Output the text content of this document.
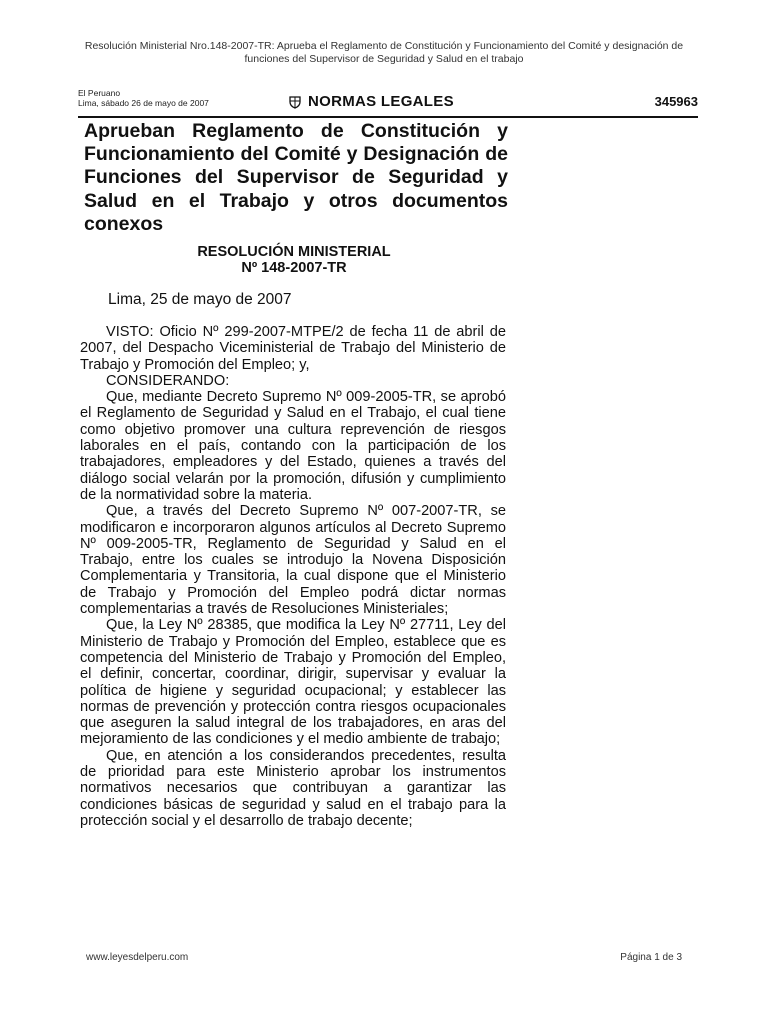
Resolución Ministerial Nro.148-2007-TR: Aprueba el Reglamento de Constitución y Funcionamiento del Comité y designación de
funciones del Supervisor de Seguridad y Salud en el trabajo
El Peruano
Lima, sábado 26 de mayo de 2007	NORMAS LEGALES	345963
Aprueban Reglamento de Constitución y Funcionamiento del Comité y Designación de Funciones del Supervisor de Seguridad y Salud en el Trabajo y otros documentos conexos
RESOLUCIÓN MINISTERIAL
Nº 148-2007-TR
Lima, 25 de mayo de 2007

VISTO: Oficio Nº 299-2007-MTPE/2 de fecha 11 de abril de 2007, del Despacho Viceministerial de Trabajo del Ministerio de Trabajo y Promoción del Empleo; y,

CONSIDERANDO:

Que, mediante Decreto Supremo Nº 009-2005-TR, se aprobó el Reglamento de Seguridad y Salud en el Trabajo, el cual tiene como objetivo promover una cultura reprevención de riesgos laborales en el país, contando con la participación de los trabajadores, empleadores y del Estado, quienes a través del diálogo social velarán por la promoción, difusión y cumplimiento de la normatividad sobre la materia.

Que, a través del Decreto Supremo Nº 007-2007-TR, se modificaron e incorporaron algunos artículos al Decreto Supremo Nº 009-2005-TR, Reglamento de Seguridad y Salud en el Trabajo, entre los cuales se introdujo la Novena Disposición Complementaria y Transitoria, la cual dispone que el Ministerio de Trabajo y Promoción del Empleo podrá dictar normas complementarias a través de Resoluciones Ministeriales;

Que, la Ley Nº 28385, que modifica la Ley Nº 27711, Ley del Ministerio de Trabajo y Promoción del Empleo, establece que es competencia del Ministerio de Trabajo y Promoción del Empleo, el definir, concertar, coordinar, dirigir, supervisar y evaluar la política de higiene y seguridad ocupacional; y establecer las normas de prevención y protección contra riesgos ocupacionales que aseguren la salud integral de los trabajadores, en aras del mejoramiento de las condiciones y el medio ambiente de trabajo;

Que, en atención a los considerandos precedentes, resulta de prioridad para este Ministerio aprobar los instrumentos normativos necesarios que contribuyan a garantizar las condiciones básicas de seguridad y salud en el trabajo para la protección social y el desarrollo de trabajo decente;

www.leyesdelperu.com	Página 1 de 3
